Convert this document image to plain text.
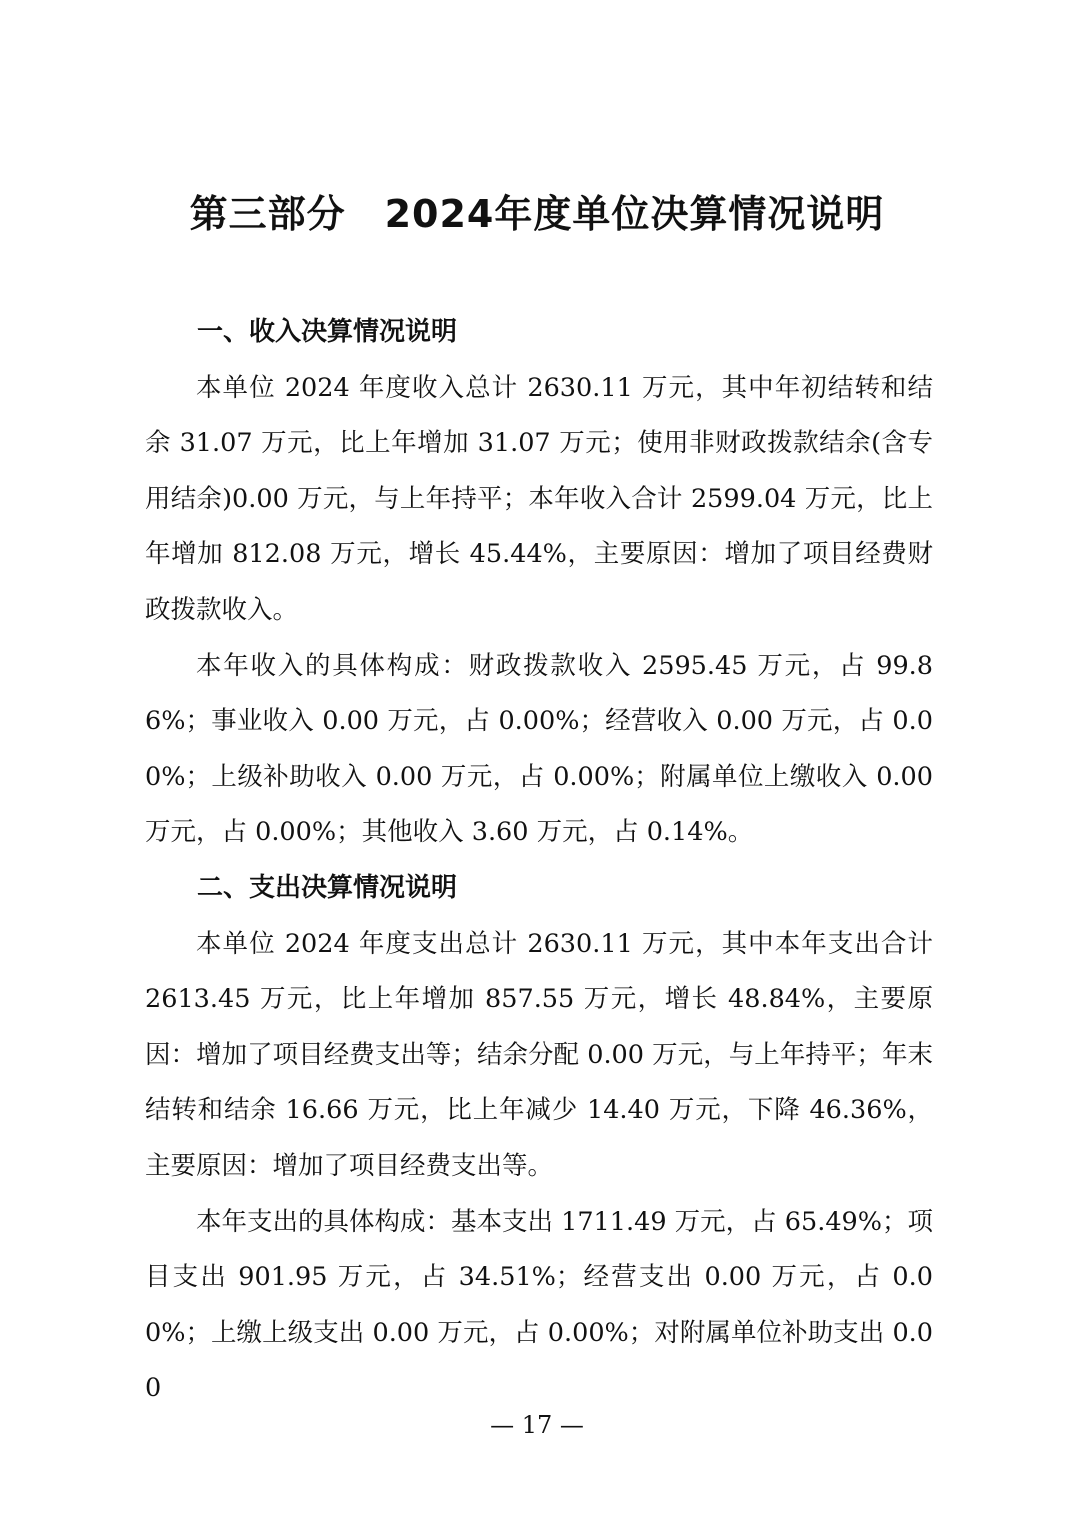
第三部分　2024年度单位决算情况说明

一、收入决算情况说明

本单位 2024 年度收入总计 2630.11 万元，其中年初结转和结余 31.07 万元，比上年增加 31.07 万元；使用非财政拨款结余(含专用结余)0.00 万元，与上年持平；本年收入合计 2599.04 万元，比上年增加 812.08 万元，增长 45.44%，主要原因：增加了项目经费财政拨款收入。

本年收入的具体构成：财政拨款收入 2595.45 万元，占 99.86%；事业收入 0.00 万元，占 0.00%；经营收入 0.00 万元，占 0.00%；上级补助收入 0.00 万元，占 0.00%；附属单位上缴收入 0.00 万元，占 0.00%；其他收入 3.60 万元，占 0.14%。

二、支出决算情况说明

本单位 2024 年度支出总计 2630.11 万元，其中本年支出合计 2613.45 万元，比上年增加 857.55 万元，增长 48.84%，主要原因：增加了项目经费支出等；结余分配 0.00 万元，与上年持平；年末结转和结余 16.66 万元，比上年减少 14.40 万元，下降 46.36%，主要原因：增加了项目经费支出等。

本年支出的具体构成：基本支出 1711.49 万元，占 65.49%；项目支出 901.95 万元，占 34.51%；经营支出 0.00 万元，占 0.00%；上缴上级支出 0.00 万元，占 0.00%；对附属单位补助支出 0.00

— 17 —
